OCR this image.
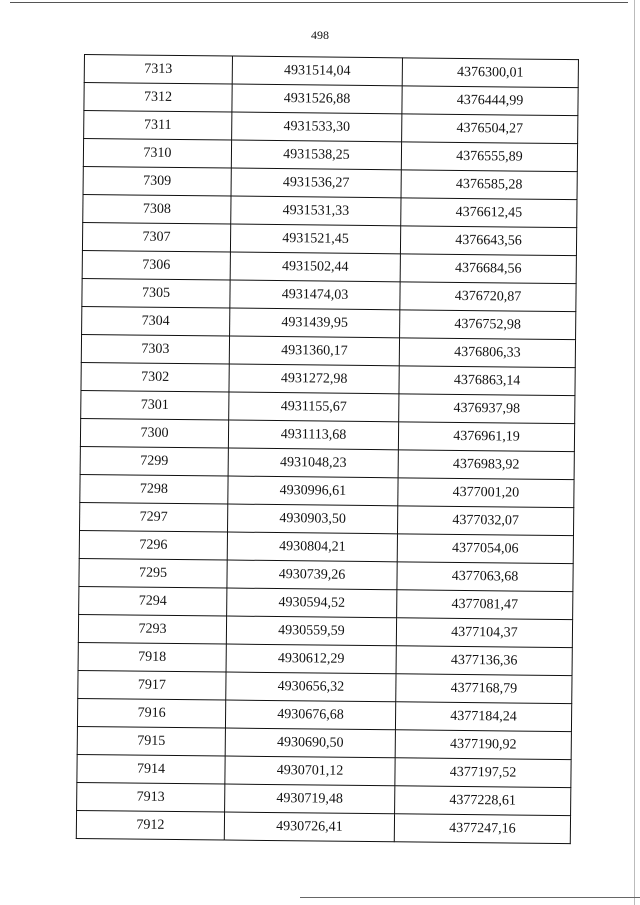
498
7313	4931514,04	4376300,01
7312	4931526,88	4376444,99
7311	4931533,30	4376504,27
7310	4931538,25	4376555,89
7309	4931536,27	4376585,28
7308	4931531,33	4376612,45
7307	4931521,45	4376643,56
7306	4931502,44	4376684,56
7305	4931474,03	4376720,87
7304	4931439,95	4376752,98
7303	4931360,17	4376806,33
7302	4931272,98	4376863,14
7301	4931155,67	4376937,98
7300	4931113,68	4376961,19
7299	4931048,23	4376983,92
7298	4930996,61	4377001,20
7297	4930903,50	4377032,07
7296	4930804,21	4377054,06
7295	4930739,26	4377063,68
7294	4930594,52	4377081,47
7293	4930559,59	4377104,37
7918	4930612,29	4377136,36
7917	4930656,32	4377168,79
7916	4930676,68	4377184,24
7915	4930690,50	4377190,92
7914	4930701,12	4377197,52
7913	4930719,48	4377228,61
7912	4930726,41	4377247,16
